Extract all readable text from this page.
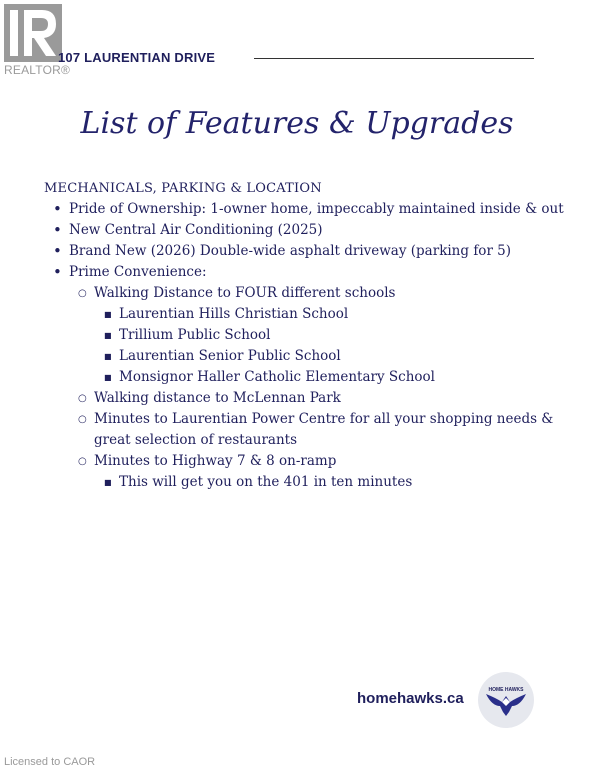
REALTOR®
107 LAURENTIAN DRIVE
List of Features & Upgrades
MECHANICALS, PARKING & LOCATION
• Pride of Ownership: 1-owner home, impeccably maintained inside & out
• New Central Air Conditioning (2025)
• Brand New (2026) Double-wide asphalt driveway (parking for 5)
• Prime Convenience:
○ Walking Distance to FOUR different schools
■ Laurentian Hills Christian School
■ Trillium Public School
■ Laurentian Senior Public School
■ Monsignor Haller Catholic Elementary School
○ Walking distance to McLennan Park
○ Minutes to Laurentian Power Centre for all your shopping needs & great selection of restaurants
○ Minutes to Highway 7 & 8 on-ramp
■ This will get you on the 401 in ten minutes
homehawks.ca	HOME HAWKS
Licensed to CAOR
